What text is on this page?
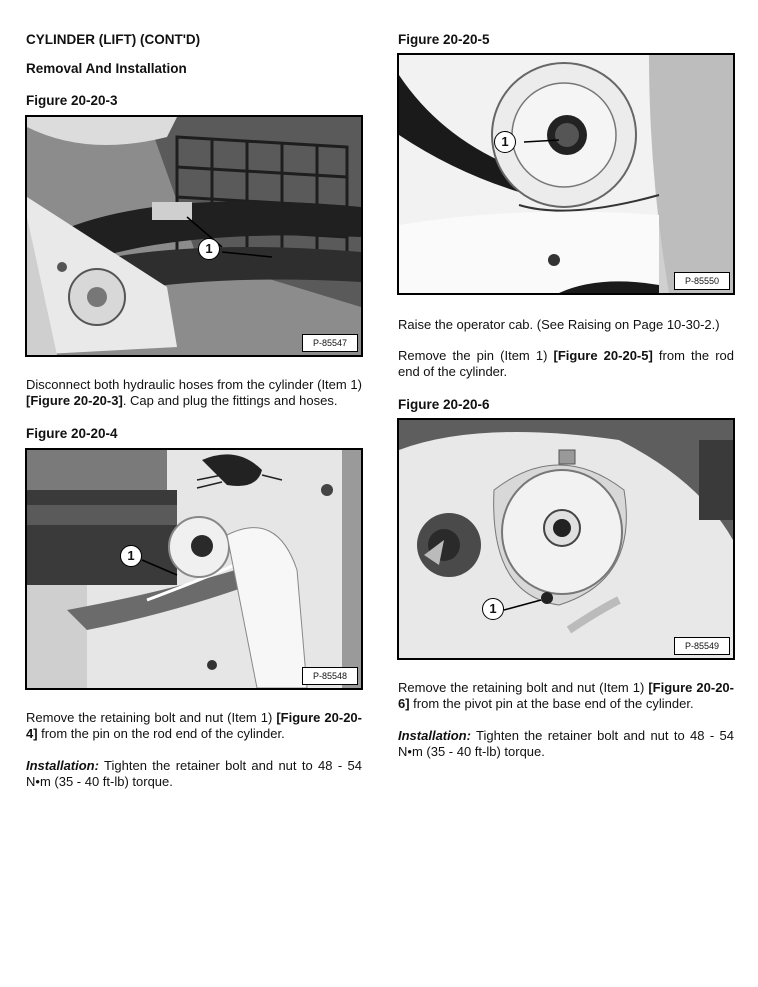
CYLINDER (LIFT) (CONT'D)
Removal And Installation
Figure 20-20-3
1
P-85547
Disconnect both hydraulic hoses from the cylinder (Item 1) [Figure 20-20-3]. Cap and plug the fittings and hoses.
Figure 20-20-4
1
P-85548
Remove the retaining bolt and nut (Item 1) [Figure 20-20-4] from the pin on the rod end of the cylinder.
Installation: Tighten the retainer bolt and nut to 48 - 54 N•m (35 - 40 ft-lb) torque.
Figure 20-20-5
1
P-85550
Raise the operator cab. (See Raising on Page 10-30-2.)
Remove the pin (Item 1) [Figure 20-20-5] from the rod end of the cylinder.
Figure 20-20-6
1
P-85549
Remove the retaining bolt and nut (Item 1) [Figure 20-20-6] from the pivot pin at the base end of the cylinder.
Installation: Tighten the retainer bolt and nut to 48 - 54 N•m (35 - 40 ft-lb) torque.
